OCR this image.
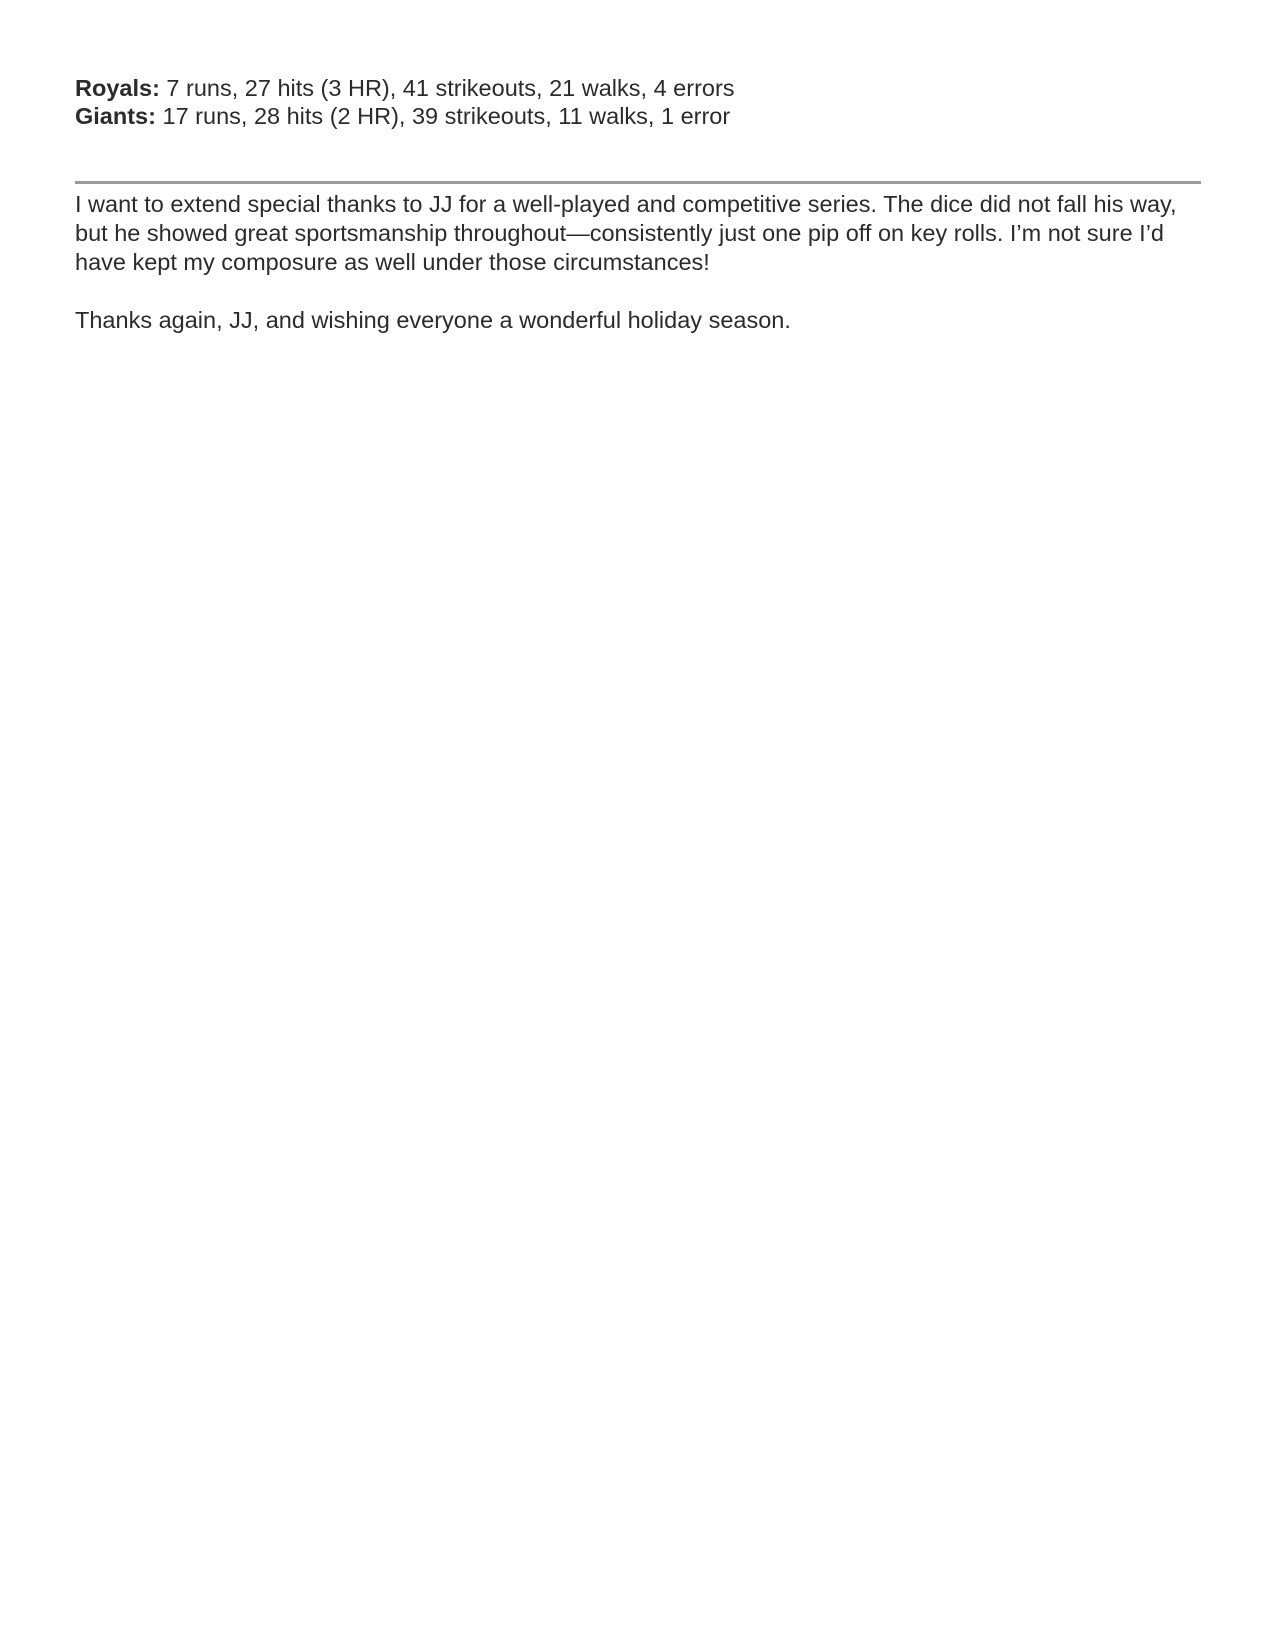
Royals: 7 runs, 27 hits (3 HR), 41 strikeouts, 21 walks, 4 errors
Giants: 17 runs, 28 hits (2 HR), 39 strikeouts, 11 walks, 1 error

I want to extend special thanks to JJ for a well-played and competitive series. The dice did not fall his way, but he showed great sportsmanship throughout—consistently just one pip off on key rolls. I’m not sure I’d have kept my composure as well under those circumstances!

Thanks again, JJ, and wishing everyone a wonderful holiday season.
